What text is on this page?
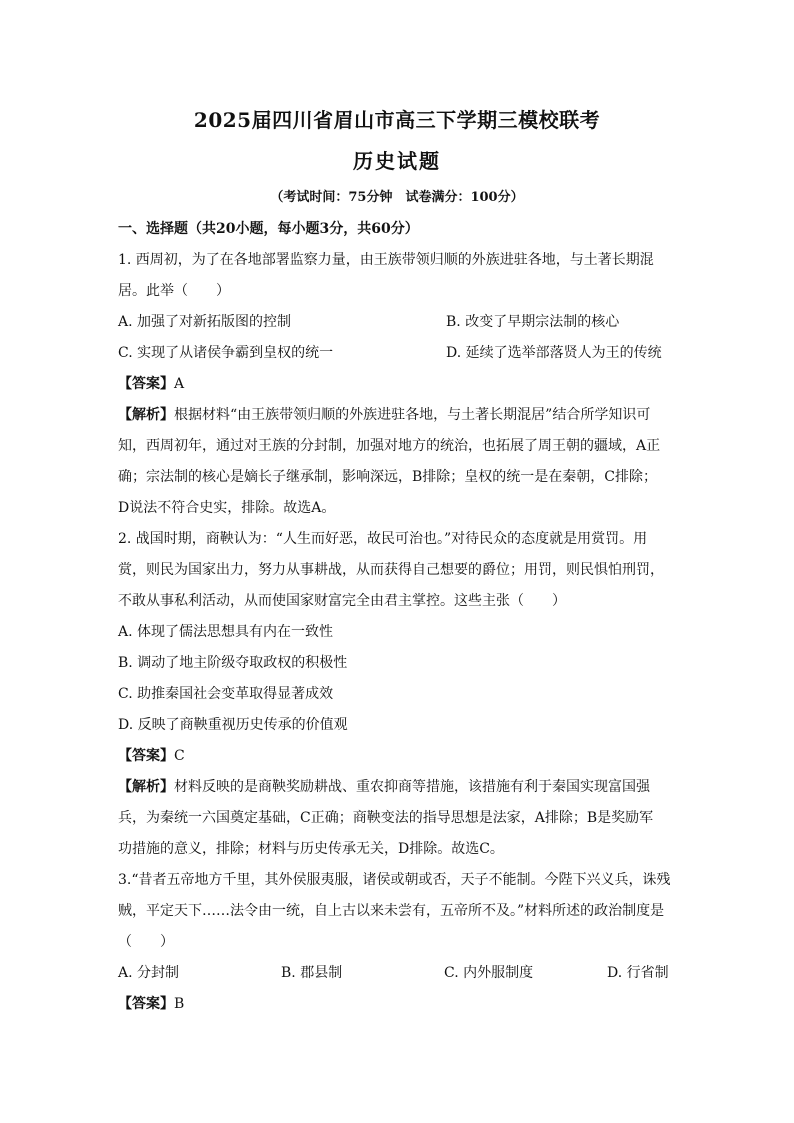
2025届四川省眉山市高三下学期三模校联考
历史试题
（考试时间：75分钟　试卷满分：100分）
一、选择题（共20小题，每小题3分，共60分）
1. 西周初，为了在各地部署监察力量，由王族带领归顺的外族进驻各地，与土著长期混
居。此举（　　）
A. 加强了对新拓版图的控制	B. 改变了早期宗法制的核心
C. 实现了从诸侯争霸到皇权的统一	D. 延续了选举部落贤人为王的传统
【答案】A
【解析】根据材料“由王族带领归顺的外族进驻各地，与土著长期混居”结合所学知识可
知，西周初年，通过对王族的分封制，加强对地方的统治，也拓展了周王朝的疆域，A正
确；宗法制的核心是嫡长子继承制，影响深远，B排除；皇权的统一是在秦朝，C排除；
D说法不符合史实，排除。故选A。
2. 战国时期，商鞅认为：“人生而好恶，故民可治也。”对待民众的态度就是用赏罚。用
赏，则民为国家出力，努力从事耕战，从而获得自己想要的爵位；用罚，则民惧怕刑罚，
不敢从事私利活动，从而使国家财富完全由君主掌控。这些主张（　　）
A. 体现了儒法思想具有内在一致性
B. 调动了地主阶级夺取政权的积极性
C. 助推秦国社会变革取得显著成效
D. 反映了商鞅重视历史传承的价值观
【答案】C
【解析】材料反映的是商鞅奖励耕战、重农抑商等措施，该措施有利于秦国实现富国强
兵，为秦统一六国奠定基础，C正确；商鞅变法的指导思想是法家，A排除；B是奖励军
功措施的意义，排除；材料与历史传承无关，D排除。故选C。
3.“昔者五帝地方千里，其外侯服夷服，诸侯或朝或否，天子不能制。今陛下兴义兵，诛残
贼，平定天下……法令由一统，自上古以来未尝有，五帝所不及。”材料所述的政治制度是
（　　）
A. 分封制	B. 郡县制	C. 内外服制度	D. 行省制
【答案】B
